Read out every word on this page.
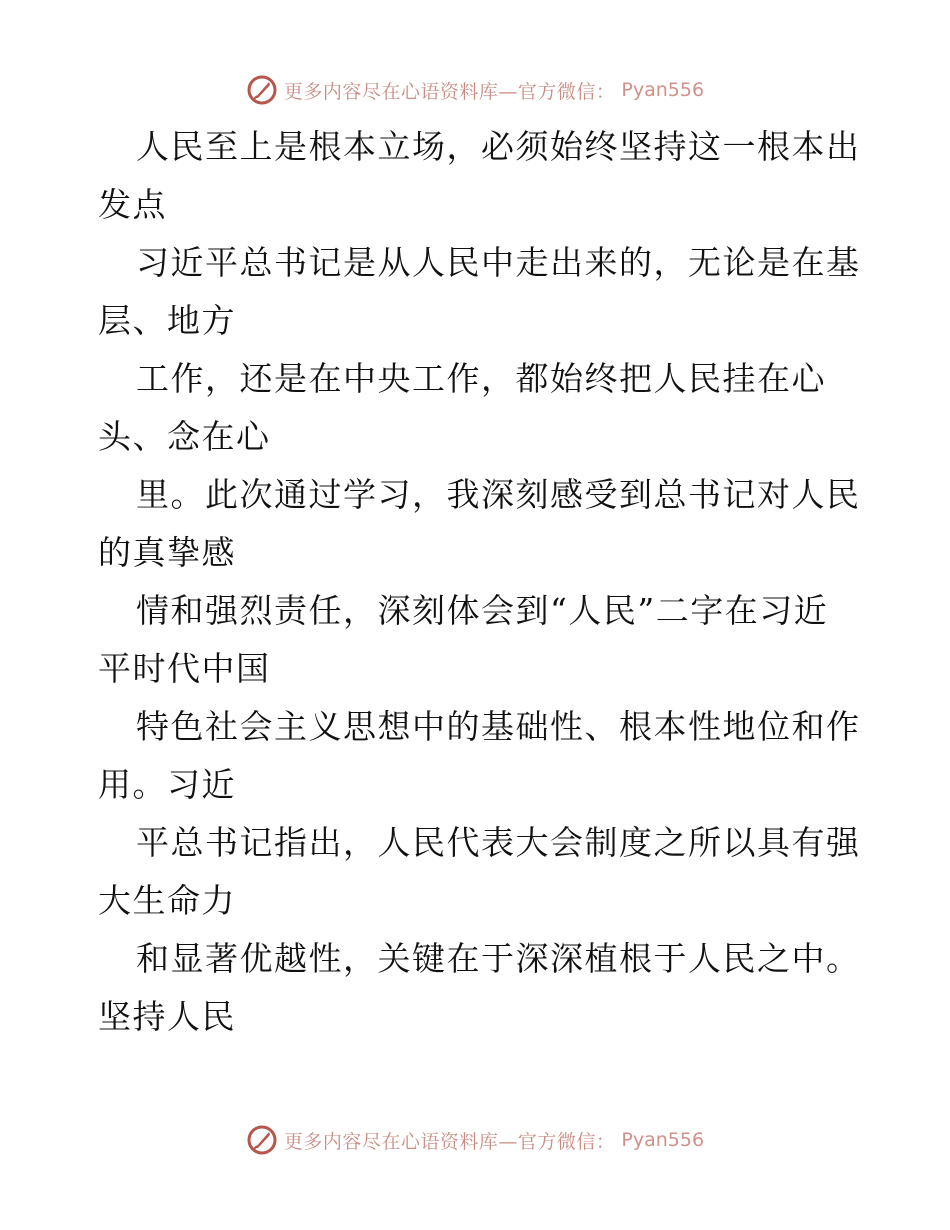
更多内容尽在心语资料库—官方微信： Pyan556
人民至上是根本立场，必须始终坚持这一根本出
发点
习近平总书记是从人民中走出来的，无论是在基
层、地方
工作，还是在中央工作，都始终把人民挂在心
头、念在心
里。此次通过学习，我深刻感受到总书记对人民
的真挚感
情和强烈责任，深刻体会到“人民”二字在习近
平时代中国
特色社会主义思想中的基础性、根本性地位和作
用。习近
平总书记指出，人民代表大会制度之所以具有强
大生命力
和显著优越性，关键在于深深植根于人民之中。
坚持人民
更多内容尽在心语资料库—官方微信： Pyan556
